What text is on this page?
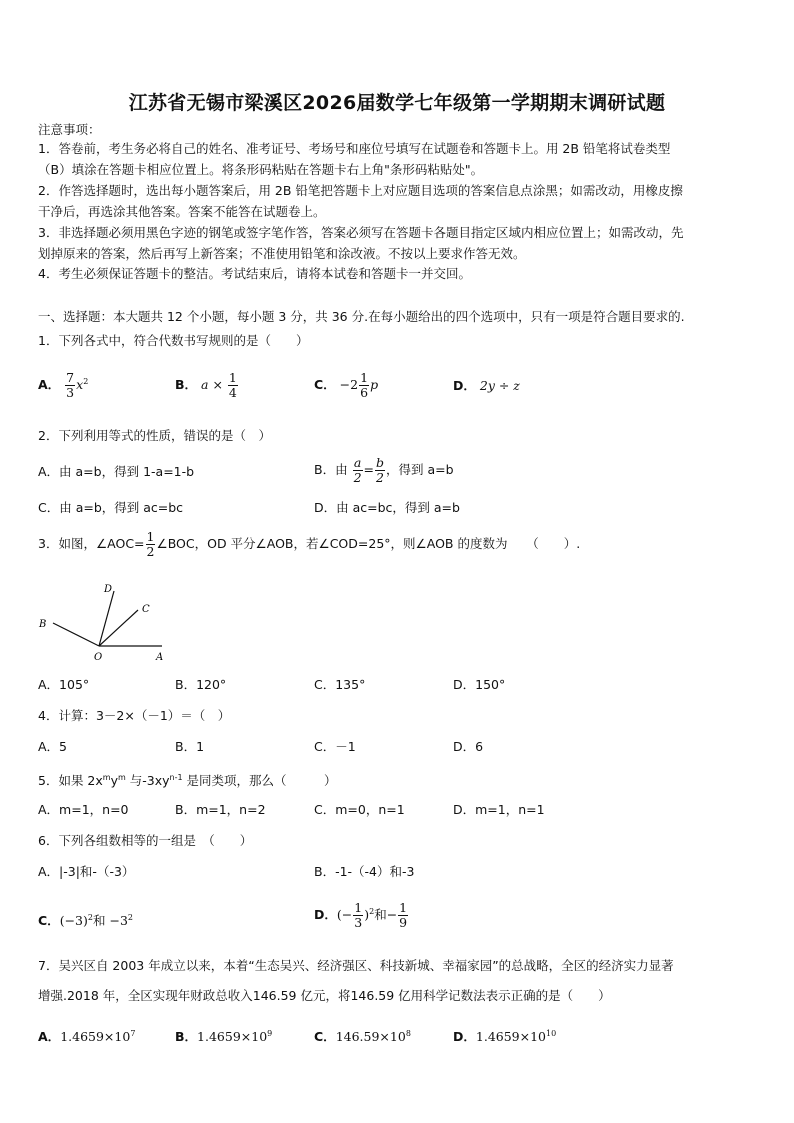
江苏省无锡市梁溪区2026届数学七年级第一学期期末调研试题
注意事项：
1．答卷前，考生务必将自己的姓名、准考证号、考场号和座位号填写在试题卷和答题卡上。用 2B 铅笔将试卷类型
（B）填涂在答题卡相应位置上。将条形码粘贴在答题卡右上角"条形码粘贴处"。
2．作答选择题时，选出每小题答案后，用 2B 铅笔把答题卡上对应题目选项的答案信息点涂黑；如需改动，用橡皮擦
干净后，再选涂其他答案。答案不能答在试题卷上。
3．非选择题必须用黑色字迹的钢笔或签字笔作答，答案必须写在答题卡各题目指定区域内相应位置上；如需改动，先
划掉原来的答案，然后再写上新答案；不准使用铅笔和涂改液。不按以上要求作答无效。
4．考生必须保证答题卡的整洁。考试结束后，请将本试卷和答题卡一并交回。
一、选择题：本大题共 12 个小题，每小题 3 分，共 36 分.在每小题给出的四个选项中，只有一项是符合题目要求的.
1．下列各式中，符合代数书写规则的是（　　）
A． $\frac{7}{3} x^2$	B． $a \times \frac{1}{4}$	C． $-2 \frac{1}{6}$ p	D． 2y ÷ z
2．下列利用等式的性质，错误的是（　）
A．由 a=b，得到 1-a=1-b	B．由 $\frac{a}{2} = \frac{b}{2}$ ，得到 a=b
C．由 a=b，得到 ac=bc	D．由 ac=bc，得到 a=b
3．如图，∠AOC= $\frac{1}{2}$ ∠BOC，OD 平分∠AOB，若∠COD=25°，则∠AOB 的度数为　　（　　）.
D
C
B
O	A
A．105°	B．120°	C．135°	D．150°
4．计算：3－2×（－1）＝（　）
A．5	B．1	C．－1	D．6
5．如果 $2x^my^m$ 与$-3xy^{n-1}$ 是同类项，那么（　　　）
A．m=1，n=0	B．m=1，n=2	C．m=0，n=1	D．m=1，n=1
6．下列各组数相等的一组是　（　　）
A．|-3|和-（-3）	B．-1-（-4）和-3
C．$(-3)^2$和 $-3^2$	D．(− $\frac{1}{3} )^2$和− $\frac{1}{9}$
7．吴兴区自 2003 年成立以来，本着“生态吴兴、经济强区、科技新城、幸福家园”的总战略，全区的经济实力显著
增强.2018 年，全区实现年财政总收入146.59 亿元，将146.59 亿用科学记数法表示正确的是（　　）
A．$1.4659\times 10^7$	B．$1.4659\times 10^9$	C．$146.59\times 10^8$	D．$1.4659\times 10^{10}$
